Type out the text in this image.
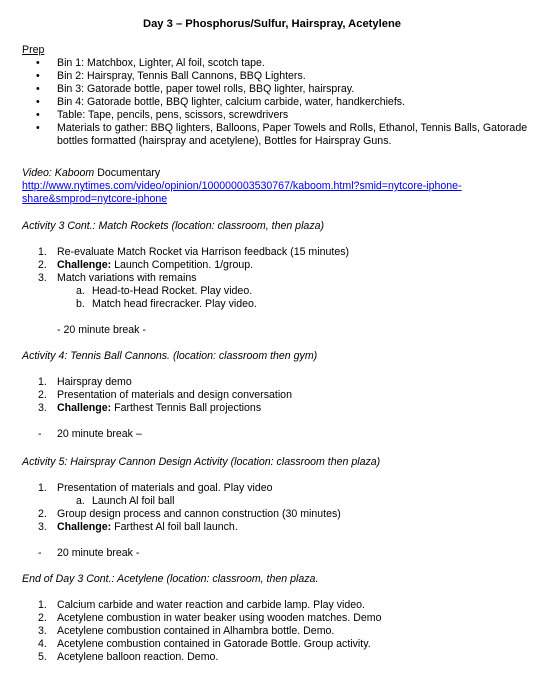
Day 3 – Phosphorus/Sulfur, Hairspray, Acetylene
Prep
• Bin 1: Matchbox, Lighter, Al foil, scotch tape.
• Bin 2: Hairspray, Tennis Ball Cannons, BBQ Lighters.
• Bin 3: Gatorade bottle, paper towel rolls, BBQ lighter, hairspray.
• Bin 4: Gatorade bottle, BBQ lighter, calcium carbide, water, handkerchiefs.
• Table: Tape, pencils, pens, scissors, screwdrivers
• Materials to gather: BBQ lighters, Balloons, Paper Towels and Rolls, Ethanol, Tennis Balls, Gatorade bottles formatted (hairspray and acetylene), Bottles for Hairspray Guns.
Video: Kaboom Documentary
http://www.nytimes.com/video/opinion/100000003530767/kaboom.html?smid=nytcore-iphone-
share&smprod=nytcore-iphone
Activity 3 Cont.: Match Rockets (location: classroom, then plaza)
1. Re-evaluate Match Rocket via Harrison feedback (15 minutes)
2. Challenge: Launch Competition. 1/group.
3. Match variations with remains
a. Head-to-Head Rocket. Play video.
b. Match head firecracker. Play video.
- 20 minute break -
Activity 4: Tennis Ball Cannons. (location: classroom then gym)
1. Hairspray demo
2. Presentation of materials and design conversation
3. Challenge: Farthest Tennis Ball projections
- 20 minute break –
Activity 5: Hairspray Cannon Design Activity (location: classroom then plaza)
1. Presentation of materials and goal. Play video
a. Launch Al foil ball
2. Group design process and cannon construction (30 minutes)
3. Challenge: Farthest Al foil ball launch.
- 20 minute break -
End of Day 3 Cont.: Acetylene (location: classroom, then plaza.
1. Calcium carbide and water reaction and carbide lamp. Play video.
2. Acetylene combustion in water beaker using wooden matches. Demo
3. Acetylene combustion contained in Alhambra bottle. Demo.
4. Acetylene combustion contained in Gatorade Bottle. Group activity.
5. Acetylene balloon reaction. Demo.
